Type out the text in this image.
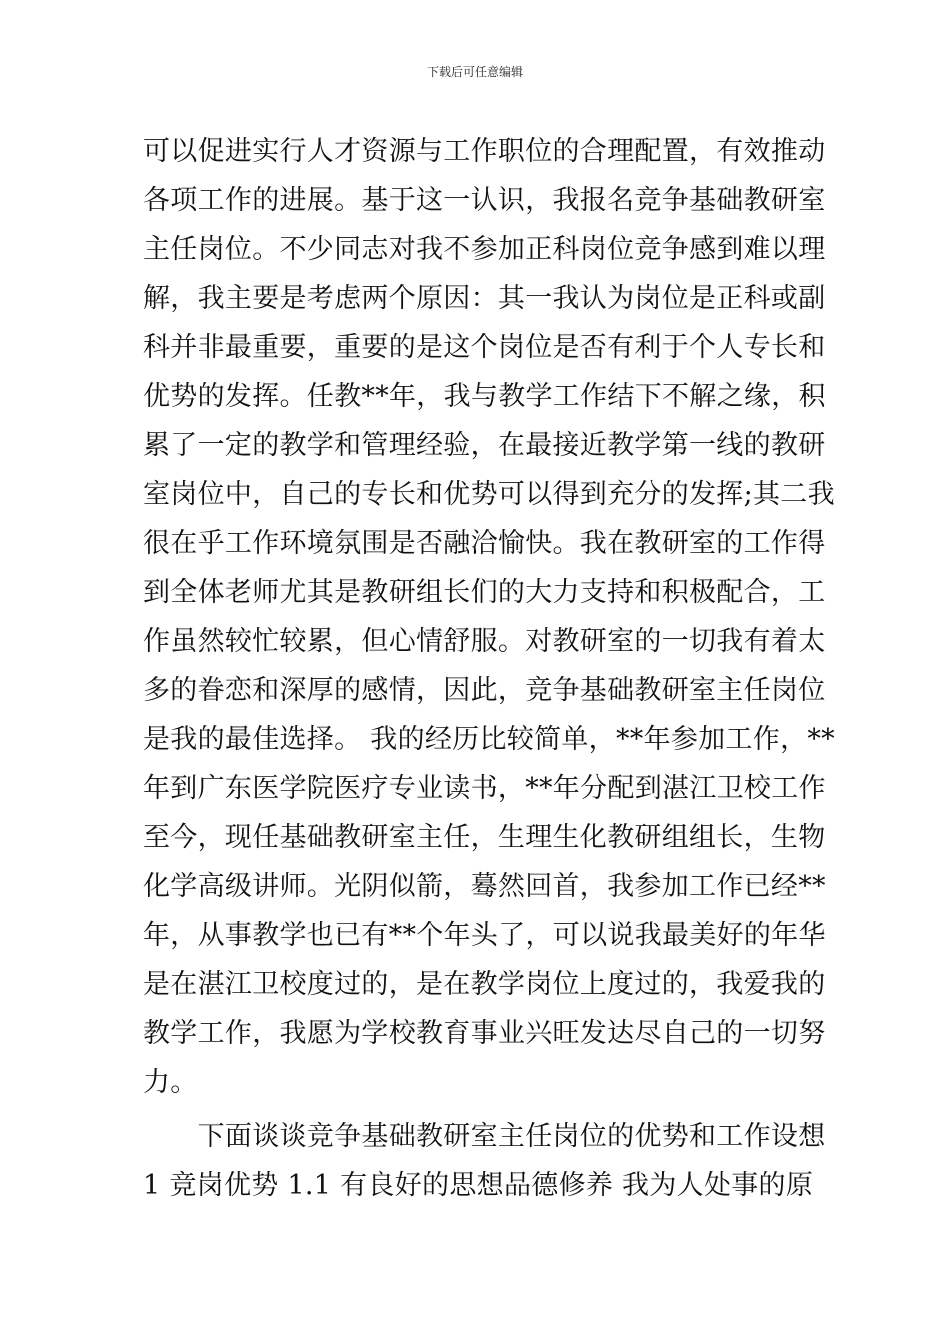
下载后可任意编辑
可以促进实行人才资源与工作职位的合理配置，有效推动
各项工作的进展。基于这一认识，我报名竞争基础教研室
主任岗位。不少同志对我不参加正科岗位竞争感到难以理
解，我主要是考虑两个原因：其一我认为岗位是正科或副
科并非最重要，重要的是这个岗位是否有利于个人专长和
优势的发挥。任教**年，我与教学工作结下不解之缘，积
累了一定的教学和管理经验，在最接近教学第一线的教研
室岗位中，自己的专长和优势可以得到充分的发挥;其二我
很在乎工作环境氛围是否融洽愉快。我在教研室的工作得
到全体老师尤其是教研组长们的大力支持和积极配合，工
作虽然较忙较累，但心情舒服。对教研室的一切我有着太
多的眷恋和深厚的感情，因此，竞争基础教研室主任岗位
是我的最佳选择。 我的经历比较简单，**年参加工作，**
年到广东医学院医疗专业读书，**年分配到湛江卫校工作
至今，现任基础教研室主任，生理生化教研组组长，生物
化学高级讲师。光阴似箭，蓦然回首，我参加工作已经**
年，从事教学也已有**个年头了，可以说我最美好的年华
是在湛江卫校度过的，是在教学岗位上度过的，我爱我的
教学工作，我愿为学校教育事业兴旺发达尽自己的一切努
力。
　　下面谈谈竞争基础教研室主任岗位的优势和工作设想
1 竞岗优势 1.1 有良好的思想品德修养 我为人处事的原
